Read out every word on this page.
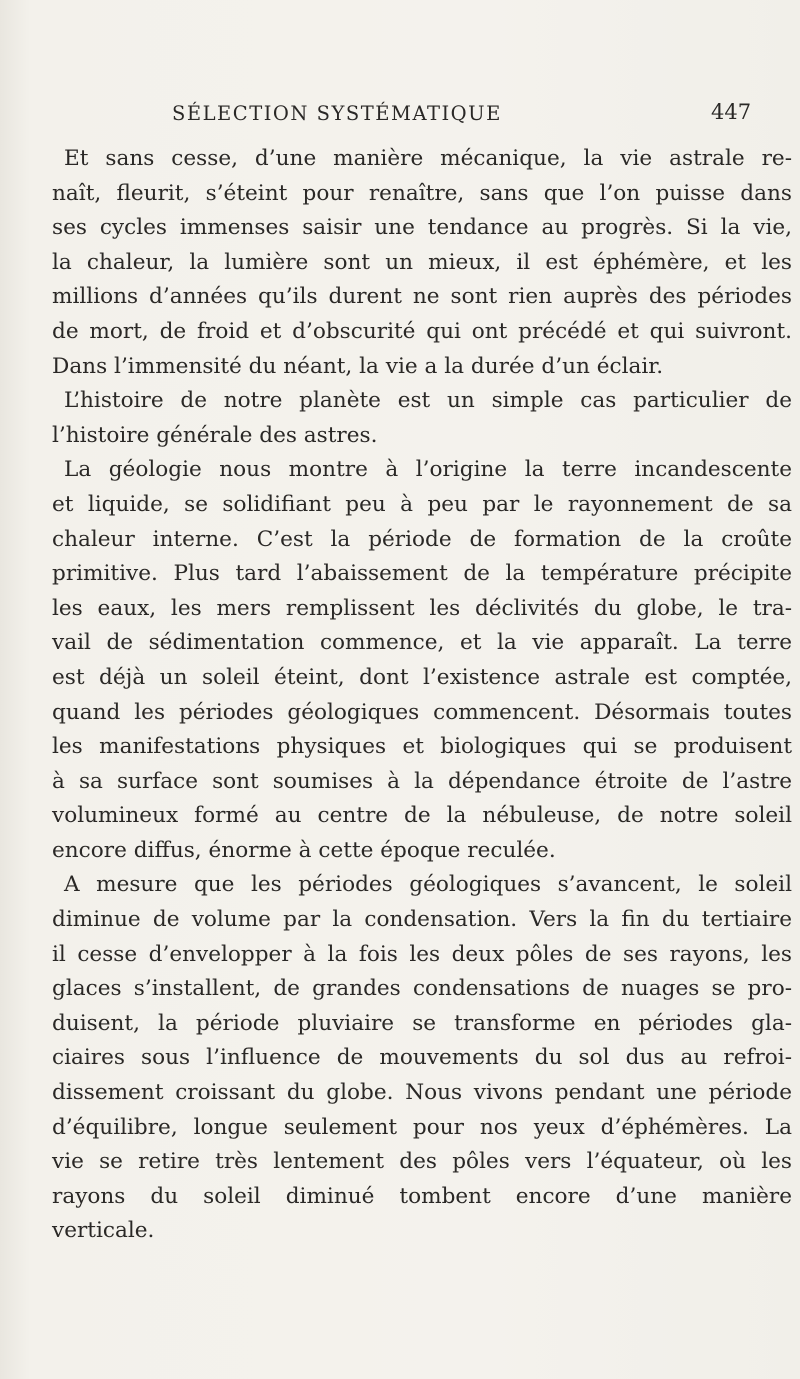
SÉLECTION SYSTÉMATIQUE	447

Et sans cesse, d’une manière mécanique, la vie astrale re-
naît, fleurit, s’éteint pour renaître, sans que l’on puisse dans
ses cycles immenses saisir une tendance au progrès. Si la vie,
la chaleur, la lumière sont un mieux, il est éphémère, et les
millions d’années qu’ils durent ne sont rien auprès des périodes
de mort, de froid et d’obscurité qui ont précédé et qui suivront.
Dans l’immensité du néant, la vie a la durée d’un éclair.

L’histoire de notre planète est un simple cas particulier de
l’histoire générale des astres.

La géologie nous montre à l’origine la terre incandescente
et liquide, se solidifiant peu à peu par le rayonnement de sa
chaleur interne. C’est la période de formation de la croûte
primitive. Plus tard l’abaissement de la température précipite
les eaux, les mers remplissent les déclivités du globe, le tra-
vail de sédimentation commence, et la vie apparaît. La terre
est déjà un soleil éteint, dont l’existence astrale est comptée,
quand les périodes géologiques commencent. Désormais toutes
les manifestations physiques et biologiques qui se produisent
à sa surface sont soumises à la dépendance étroite de l’astre
volumineux formé au centre de la nébuleuse, de notre soleil
encore diffus, énorme à cette époque reculée.

A mesure que les périodes géologiques s’avancent, le soleil
diminue de volume par la condensation. Vers la fin du tertiaire
il cesse d’envelopper à la fois les deux pôles de ses rayons, les
glaces s’installent, de grandes condensations de nuages se pro-
duisent, la période pluviaire se transforme en périodes gla-
ciaires sous l’influence de mouvements du sol dus au refroi-
dissement croissant du globe. Nous vivons pendant une période
d’équilibre, longue seulement pour nos yeux d’éphémères. La
vie se retire très lentement des pôles vers l’équateur, où les
rayons du soleil diminué tombent encore d’une manière
verticale.
